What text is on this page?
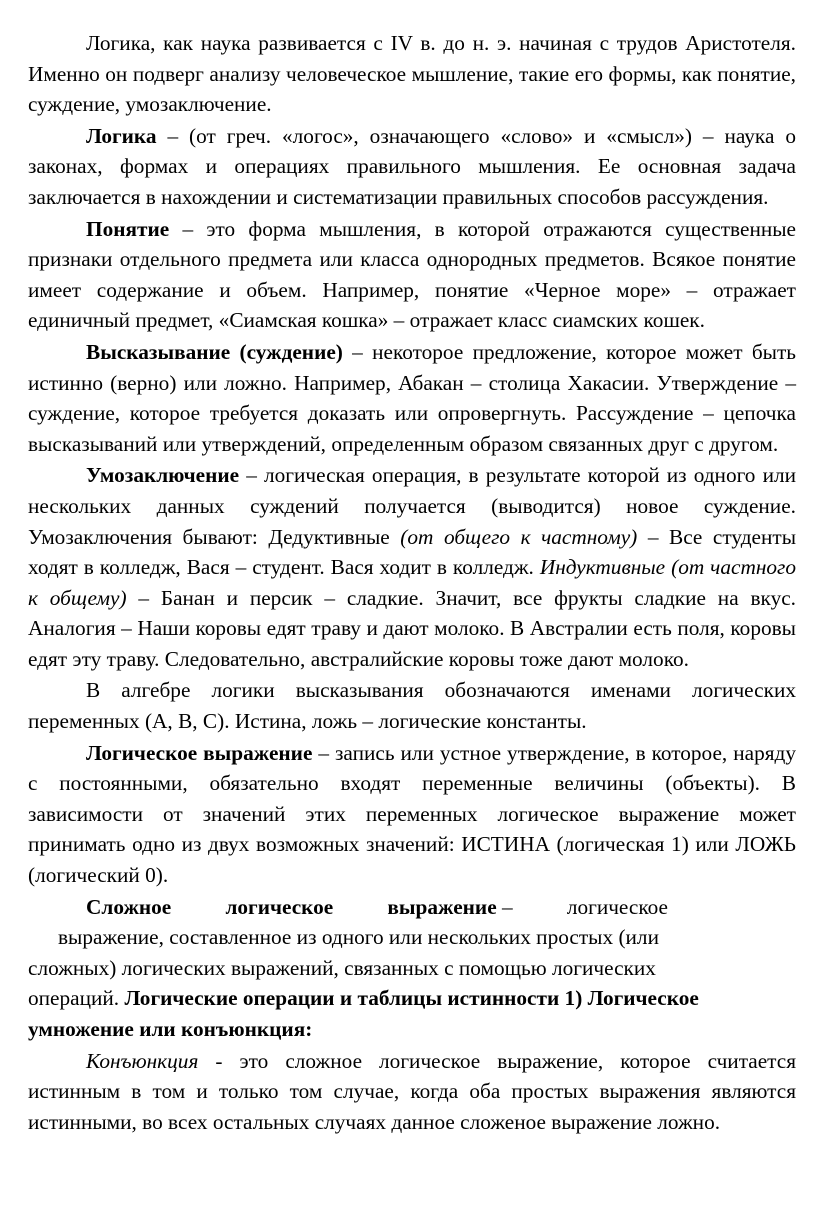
Логика, как наука развивается с IV в. до н. э. начиная с трудов Аристотеля. Именно он подверг анализу человеческое мышление, такие его формы, как понятие, суждение, умозаключение.

Логика – (от греч. «логос», означающего «слово» и «смысл») – наука о законах, формах и операциях правильного мышления. Ее основная задача заключается в нахождении и систематизации правильных способов рассуждения.

Понятие – это форма мышления, в которой отражаются существенные признаки отдельного предмета или класса однородных предметов. Всякое понятие имеет содержание и объем. Например, понятие «Черное море» – отражает единичный предмет, «Сиамская кошка» – отражает класс сиамских кошек.

Высказывание (суждение) – некоторое предложение, которое может быть истинно (верно) или ложно. Например, Абакан – столица Хакасии. Утверждение – суждение, которое требуется доказать или опровергнуть. Рассуждение – цепочка высказываний или утверждений, определенным образом связанных друг с другом.

Умозаключение – логическая операция, в результате которой из одного или нескольких данных суждений получается (выводится) новое суждение. Умозаключения бывают: Дедуктивные (от общего к частному) – Все студенты ходят в колледж, Вася – студент. Вася ходит в колледж. Индуктивные (от частного к общему) – Банан и персик – сладкие. Значит, все фрукты сладкие на вкус. Аналогия – Наши коровы едят траву и дают молоко. В Австралии есть поля, коровы едят эту траву. Следовательно, австралийские коровы тоже дают молоко.

В алгебре логики высказывания обозначаются именами логических переменных (A, B, C). Истина, ложь – логические константы.

Логическое выражение – запись или устное утверждение, в которое, наряду с постоянными, обязательно входят переменные величины (объекты). В зависимости от значений этих переменных логическое выражение может принимать одно из двух возможных значений: ИСТИНА (логическая 1) или ЛОЖЬ (логический 0).

Сложное	логическое	выражение –	логическое
выражение, составленное из одного или нескольких простых (или
сложных) логических выражений, связанных с помощью логических
операций. Логические операции и таблицы истинности 1) Логическое
умножение или конъюнкция:

Конъюнкция - это сложное логическое выражение, которое считается истинным в том и только том случае, когда оба простых выражения являются истинными, во всех остальных случаях данное сложеное выражение ложно.
